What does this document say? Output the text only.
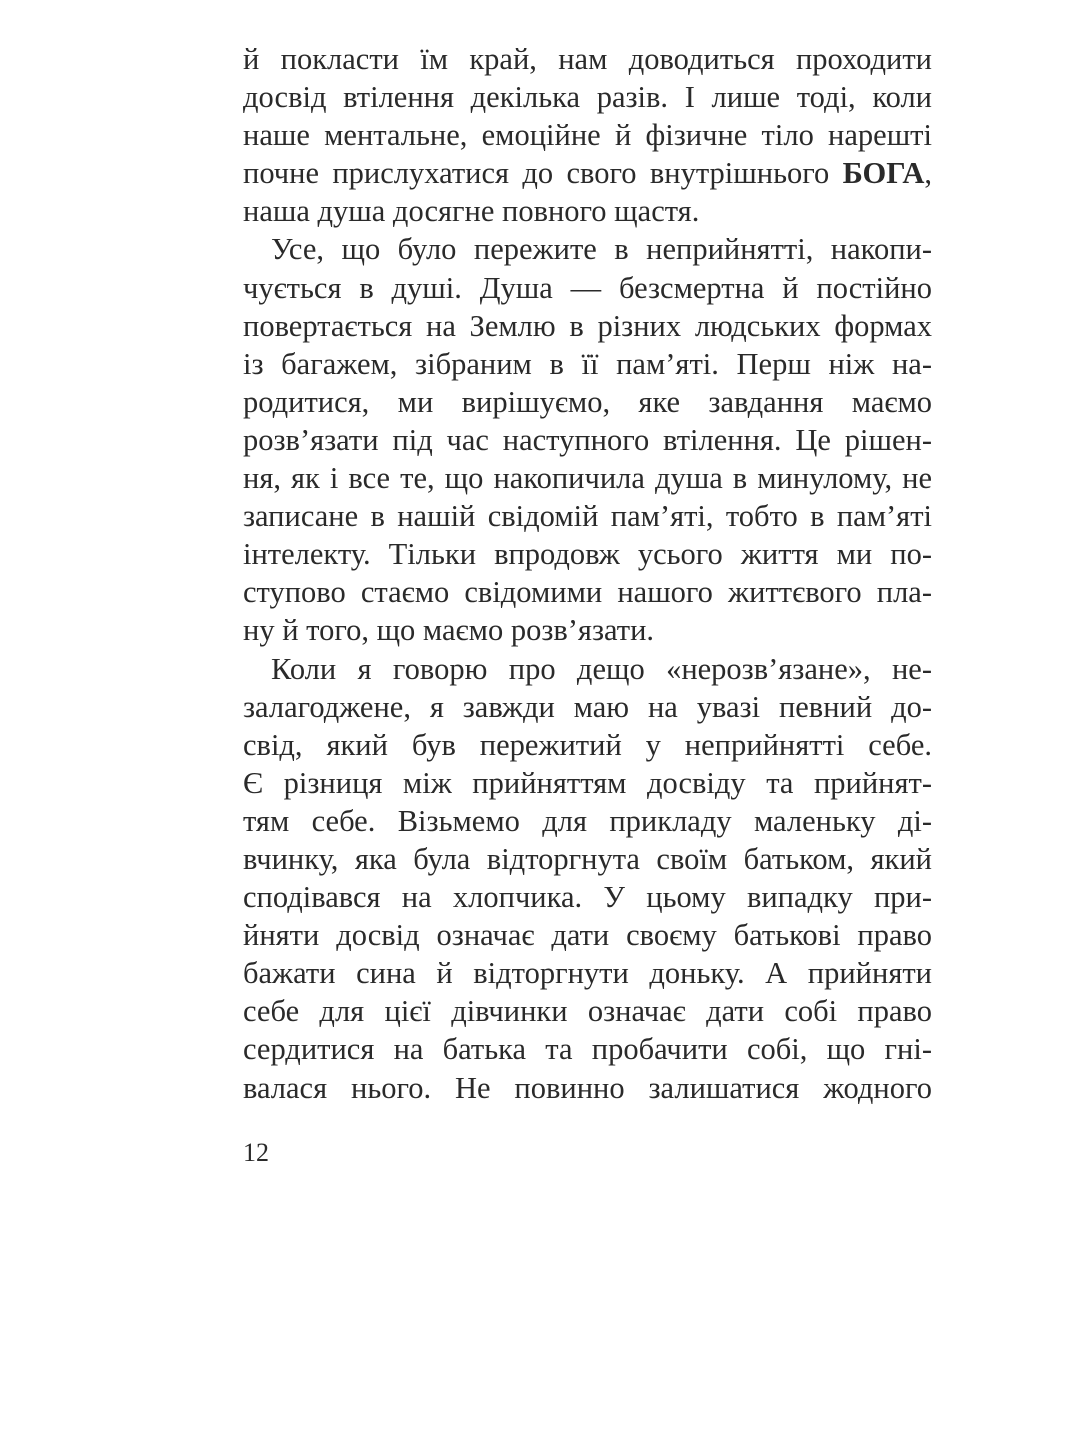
й покласти їм край, нам доводиться проходити
досвід втілення декілька разів. І лише тоді, коли
наше ментальне, емоційне й фізичне тіло нарешті
почне прислухатися до свого внутрішнього БОГА,
наша душа досягне повного щастя.
Усе, що було пережите в неприйнятті, накопи-
чується в душі. Душа — безсмертна й постійно
повертається на Землю в різних людських формах
із багажем, зібраним в її пам’яті. Перш ніж на-
родитися, ми вирішуємо, яке завдання маємо
розв’язати під час наступного втілення. Це рішен-
ня, як і все те, що накопичила душа в минулому, не
записане в нашій свідомій пам’яті, тобто в пам’яті
інтелекту. Тільки впродовж усього життя ми по-
ступово стаємо свідомими нашого життєвого пла-
ну й того, що маємо розв’язати.
Коли я говорю про дещо «нерозв’язане», не-
залагоджене, я завжди маю на увазі певний до-
свід, який був пережитий у неприйнятті себе.
Є різниця між прийняттям досвіду та прийнят-
тям себе. Візьмемо для прикладу маленьку ді-
вчинку, яка була відторгнута своїм батьком, який
сподівався на хлопчика. У цьому випадку при-
йняти досвід означає дати своєму батькові право
бажати сина й відторгнути доньку. А прийняти
себе для цієї дівчинки означає дати собі право
сердитися на батька та пробачити собі, що гні-
валася нього. Не повинно залишатися жодного
12
